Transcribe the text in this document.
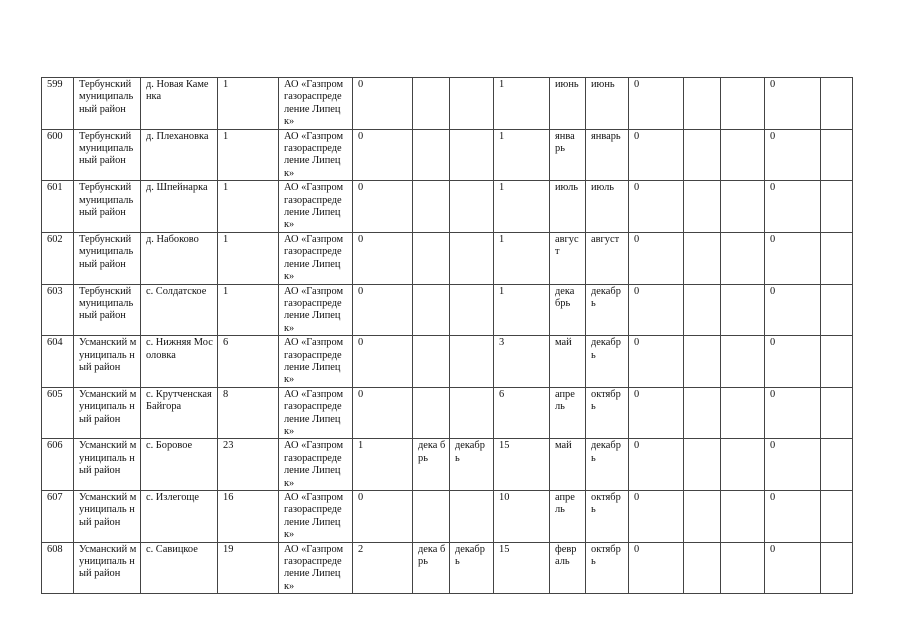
599	Тербунский муниципаль ный район	д. Новая Каменка	1	АО «Газпром газораспреде ление Липецк»	0			1	июнь	июнь	0			0		
600	Тербунский муниципаль ный район	д. Плехановка	1	АО «Газпром газораспреде ление Липецк»	0			1	янва рь	январь	0			0		
601	Тербунский муниципаль ный район	д. Шпейнарка	1	АО «Газпром газораспреде ление Липецк»	0			1	июль	июль	0			0		
602	Тербунский муниципаль ный район	д. Набоково	1	АО «Газпром газораспреде ление Липецк»	0			1	авгус т	август	0			0		
603	Тербунский муниципаль ный район	с. Солдатское	1	АО «Газпром газораспреде ление Липецк»	0			1	дека брь	декабр ь	0			0		
604	Усманский муниципаль ный район	с. Нижняя Мосоловка	6	АО «Газпром газораспреде ление Липецк»	0			3	май	декабр ь	0			0		
605	Усманский муниципаль ный район	с. Крутченская Байгора	8	АО «Газпром газораспреде ление Липецк»	0			6	апре ль	октябр ь	0			0		
606	Усманский муниципаль ный район	с. Боровое	23	АО «Газпром газораспреде ление Липецк»	1	дека брь	декабр ь	15	май	декабр ь	0			0		
607	Усманский муниципаль ный район	с. Излегоще	16	АО «Газпром газораспреде ление Липецк»	0			10	апре ль	октябр ь	0			0		
608	Усманский муниципаль ный район	с. Савицкое	19	АО «Газпром газораспреде ление Липецк»	2	дека брь	декабр ь	15	февр аль	октябр ь	0			0		
